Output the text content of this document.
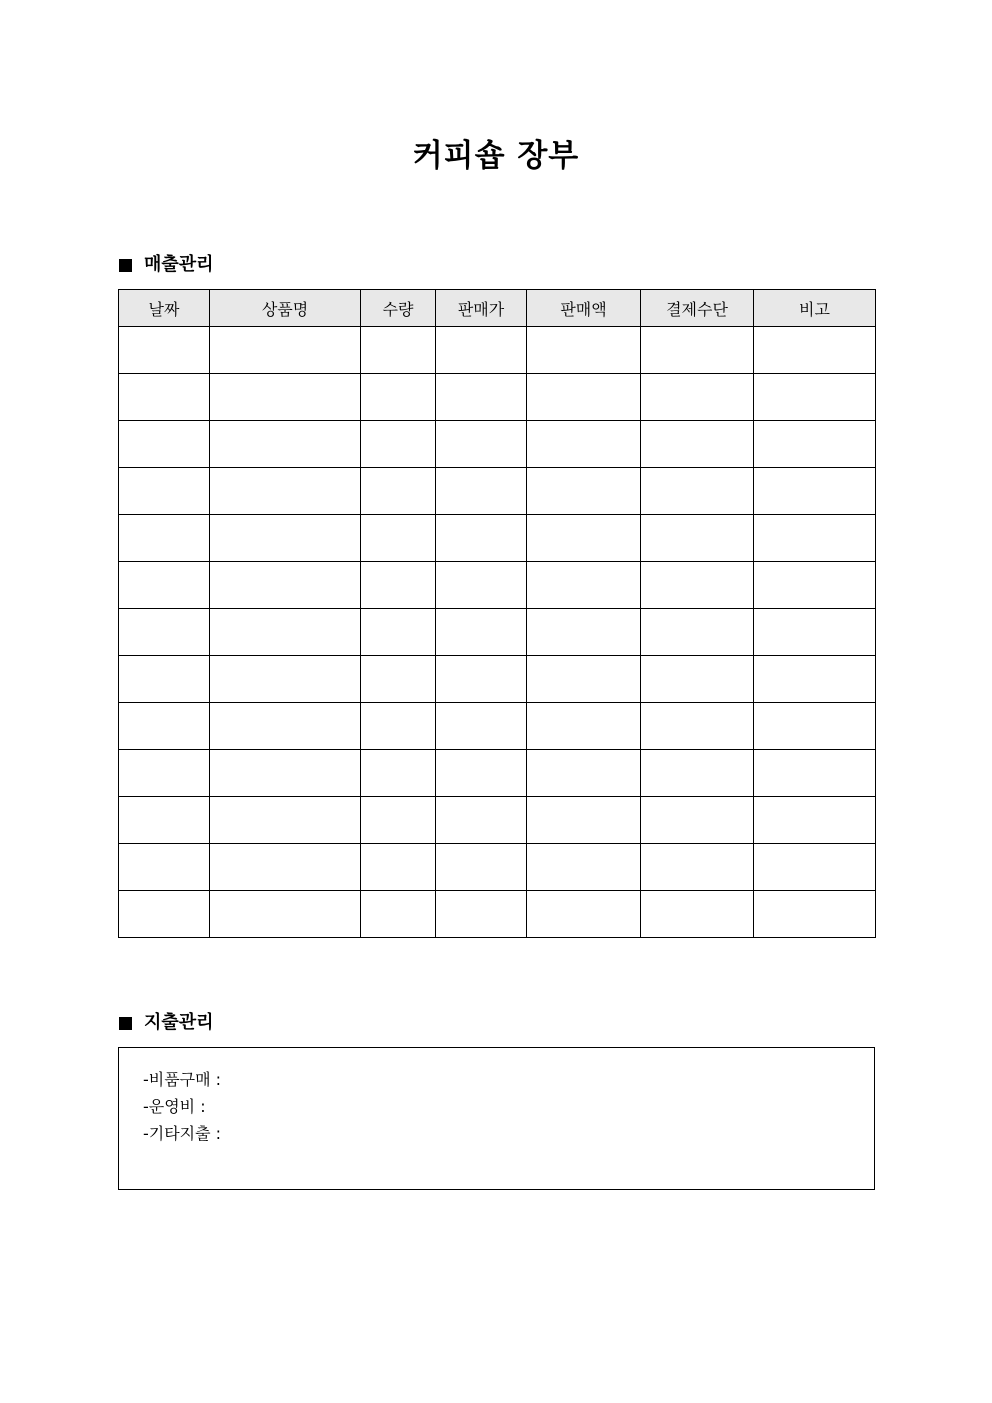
커피숍 장부
매출관리
날짜	상품명	수량	판매가	판매액	결제수단	비고

지출관리
-비품구매 :
-운영비 :
-기타지출 :
